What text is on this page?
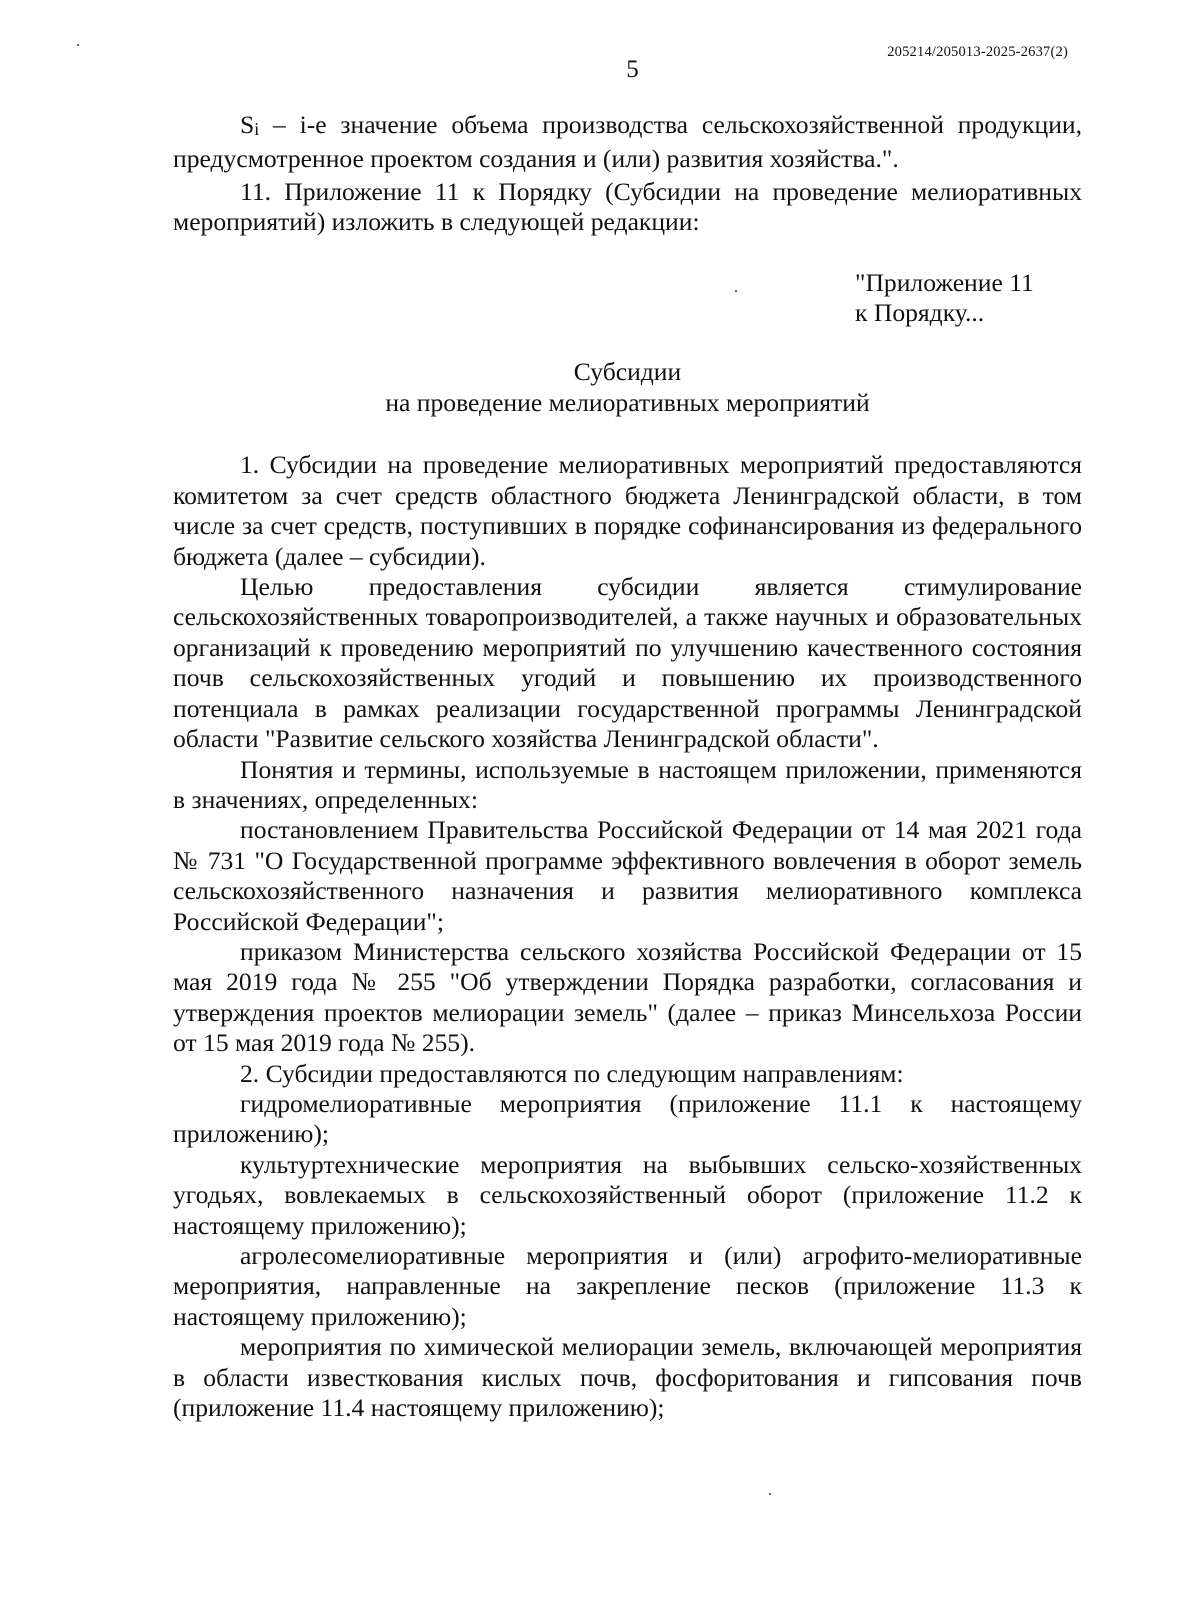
205214/205013-2025-2637(2)
5

Si – i-е значение объема производства сельскохозяйственной продукции, предусмотренное проектом создания и (или) развития хозяйства.".

11. Приложение 11 к Порядку (Субсидии на проведение мелиоративных мероприятий) изложить в следующей редакции:

"Приложение 11
к Порядку...
Субсидии
на проведение мелиоративных мероприятий

1. Субсидии на проведение мелиоративных мероприятий предоставляются комитетом за счет средств областного бюджета Ленинградской области, в том числе за счет средств, поступивших в порядке софинансирования из федерального бюджета (далее – субсидии).

Целью предоставления субсидии является стимулирование сельскохозяйственных товаропроизводителей, а также научных и образовательных организаций к проведению мероприятий по улучшению качественного состояния почв сельскохозяйственных угодий и повышению их производственного потенциала в рамках реализации государственной программы Ленинградской области "Развитие сельского хозяйства Ленинградской области".

Понятия и термины, используемые в настоящем приложении, применяются в значениях, определенных:

постановлением Правительства Российской Федерации от 14 мая 2021 года № 731 "О Государственной программе эффективного вовлечения в оборот земель сельскохозяйственного назначения и развития мелиоративного комплекса Российской Федерации";

приказом Министерства сельского хозяйства Российской Федерации от 15 мая 2019 года № 255 "Об утверждении Порядка разработки, согласования и утверждения проектов мелиорации земель" (далее – приказ Минсельхоза России от 15 мая 2019 года № 255).

2. Субсидии предоставляются по следующим направлениям:

гидромелиоративные мероприятия (приложение 11.1 к настоящему приложению);

культуртехнические мероприятия на выбывших сельско-хозяйственных угодьях, вовлекаемых в сельскохозяйственный оборот (приложение 11.2 к настоящему приложению);

агролесомелиоративные мероприятия и (или) агрофито-мелиоративные мероприятия, направленные на закрепление песков (приложение 11.3 к настоящему приложению);

мероприятия по химической мелиорации земель, включающей мероприятия в области известкования кислых почв, фосфоритования и гипсования почв (приложение 11.4 настоящему приложению);
